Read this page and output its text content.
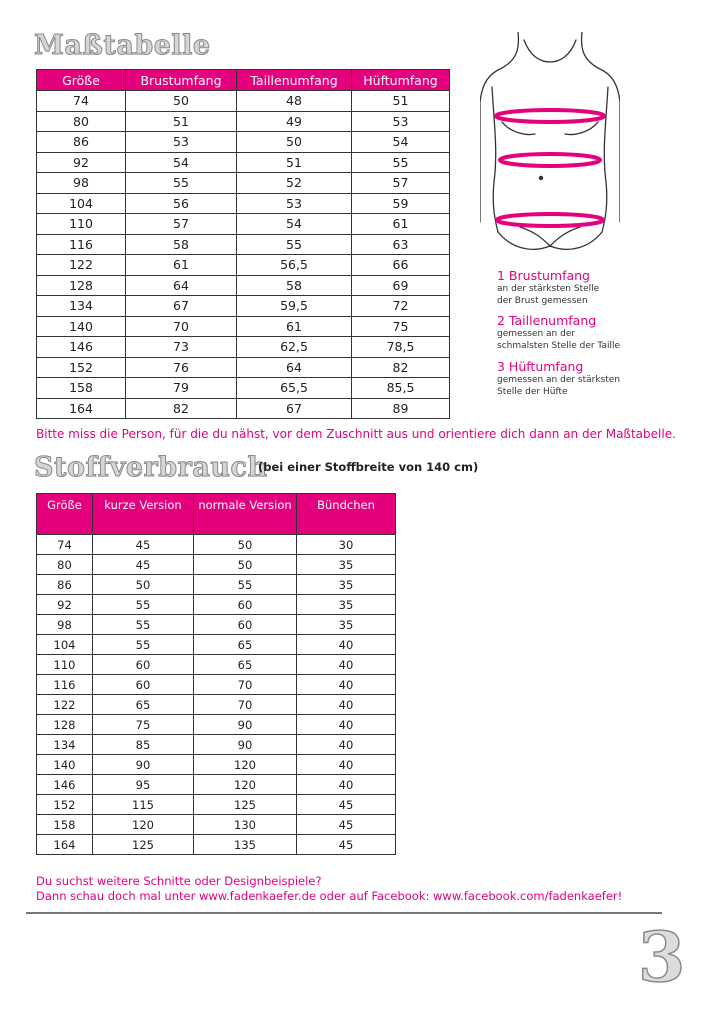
Maßtabelle
Größe	Brustumfang	Taillenumfang	Hüftumfang
74	50	48	51
80	51	49	53
86	53	50	54
92	54	51	55
98	55	52	57
104	56	53	59
110	57	54	61
116	58	55	63
122	61	56,5	66
128	64	58	69
134	67	59,5	72
140	70	61	75
146	73	62,5	78,5
152	76	64	82
158	79	65,5	85,5
164	82	67	89
1 Brustumfang
an der stärksten Stelle
der Brust gemessen
2 Taillenumfang
gemessen an der
schmalsten Stelle der Taille
3 Hüftumfang
gemessen an der stärksten
Stelle der Hüfte
Bitte miss die Person, für die du nähst, vor dem Zuschnitt aus und orientiere dich dann an der Maßtabelle.
Stoffverbrauch
(bei einer Stoffbreite von 140 cm)
Größe	kurze Version	normale Version	Bündchen
74	45	50	30
80	45	50	35
86	50	55	35
92	55	60	35
98	55	60	35
104	55	65	40
110	60	65	40
116	60	70	40
122	65	70	40
128	75	90	40
134	85	90	40
140	90	120	40
146	95	120	40
152	115	125	45
158	120	130	45
164	125	135	45
Du suchst weitere Schnitte oder Designbeispiele?
Dann schau doch mal unter www.fadenkaefer.de oder auf Facebook: www.facebook.com/fadenkaefer!
3
